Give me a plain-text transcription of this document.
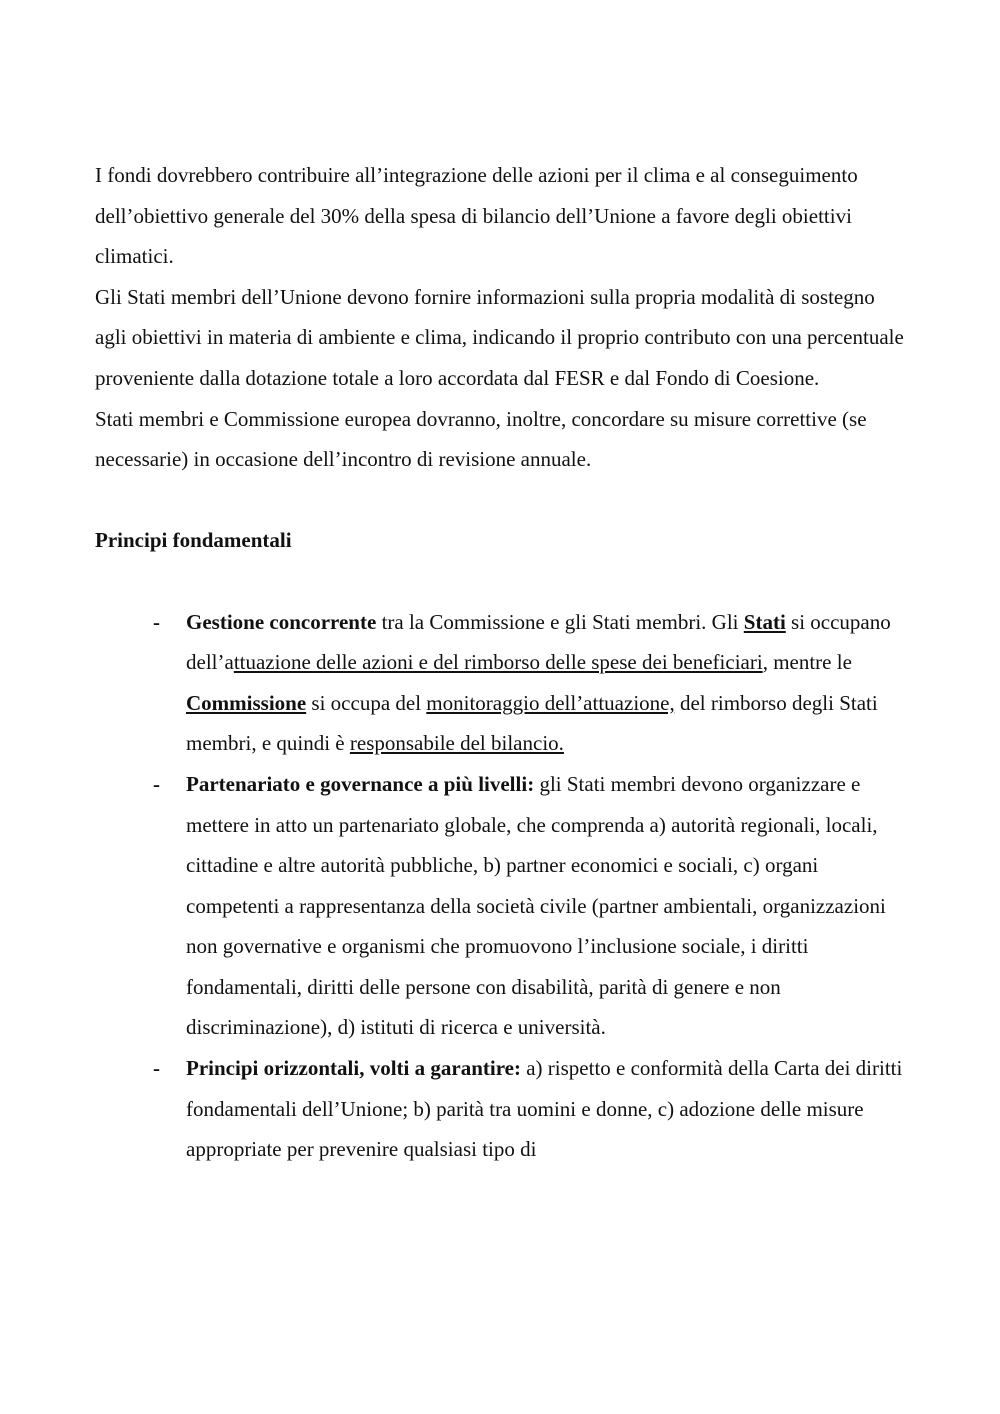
I fondi dovrebbero contribuire all’integrazione delle azioni per il clima e al conseguimento dell’obiettivo generale del 30% della spesa di bilancio dell’Unione a favore degli obiettivi climatici.

Gli Stati membri dell’Unione devono fornire informazioni sulla propria modalità di sostegno agli obiettivi in materia di ambiente e clima, indicando il proprio contributo con una percentuale proveniente dalla dotazione totale a loro accordata dal FESR e dal Fondo di Coesione.

Stati membri e Commissione europea dovranno, inoltre, concordare su misure correttive (se necessarie) in occasione dell’incontro di revisione annuale.

Principi fondamentali
- Gestione concorrente tra la Commissione e gli Stati membri. Gli Stati si occupano dell’attuazione delle azioni e del rimborso delle spese dei beneficiari, mentre le Commissione si occupa del monitoraggio dell’attuazione, del rimborso degli Stati membri, e quindi è responsabile del bilancio.
- Partenariato e governance a più livelli: gli Stati membri devono organizzare e mettere in atto un partenariato globale, che comprenda a) autorità regionali, locali, cittadine e altre autorità pubbliche, b) partner economici e sociali, c) organi competenti a rappresentanza della società civile (partner ambientali, organizzazioni non governative e organismi che promuovono l’inclusione sociale, i diritti fondamentali, diritti delle persone con disabilità, parità di genere e non discriminazione), d) istituti di ricerca e università.
- Principi orizzontali, volti a garantire: a) rispetto e conformità della Carta dei diritti fondamentali dell’Unione; b) parità tra uomini e donne, c) adozione delle misure appropriate per prevenire qualsiasi tipo di
